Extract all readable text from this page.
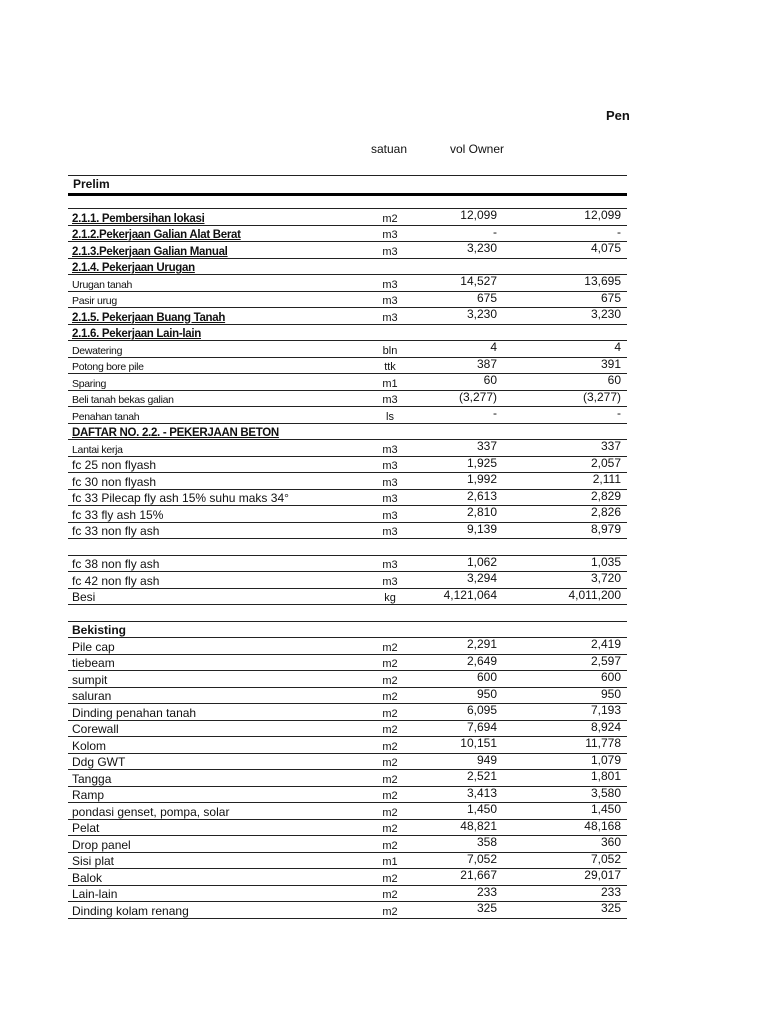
Pen
satuan	vol Owner
Prelim
2.1.1. Pembersihan lokasi	m2	12,099	12,099
2.1.2.Pekerjaan Galian Alat Berat	m3	-	-
2.1.3.Pekerjaan Galian Manual	m3	3,230	4,075
2.1.4. Pekerjaan Urugan
Urugan tanah	m3	14,527	13,695
Pasir urug	m3	675	675
2.1.5. Pekerjaan Buang Tanah	m3	3,230	3,230
2.1.6. Pekerjaan Lain-lain
Dewatering	bln	4	4
Potong bore pile	ttk	387	391
Sparing	m1	60	60
Beli tanah bekas galian	m3	(3,277)	(3,277)
Penahan tanah	ls	-	-
DAFTAR NO. 2.2. - PEKERJAAN BETON
Lantai kerja	m3	337	337
fc 25 non flyash	m3	1,925	2,057
fc 30 non flyash	m3	1,992	2,111
fc 33 Pilecap fly ash 15% suhu maks 34°	m3	2,613	2,829
fc 33 fly ash 15%	m3	2,810	2,826
fc 33 non fly ash	m3	9,139	8,979
fc 38 non fly ash	m3	1,062	1,035
fc 42 non fly ash	m3	3,294	3,720
Besi	kg	4,121,064	4,011,200
Bekisting
Pile cap	m2	2,291	2,419
tiebeam	m2	2,649	2,597
sumpit	m2	600	600
saluran	m2	950	950
Dinding penahan tanah	m2	6,095	7,193
Corewall	m2	7,694	8,924
Kolom	m2	10,151	11,778
Ddg GWT	m2	949	1,079
Tangga	m2	2,521	1,801
Ramp	m2	3,413	3,580
pondasi genset, pompa, solar	m2	1,450	1,450
Pelat	m2	48,821	48,168
Drop panel	m2	358	360
Sisi plat	m1	7,052	7,052
Balok	m2	21,667	29,017
Lain-lain	m2	233	233
Dinding kolam renang	m2	325	325
